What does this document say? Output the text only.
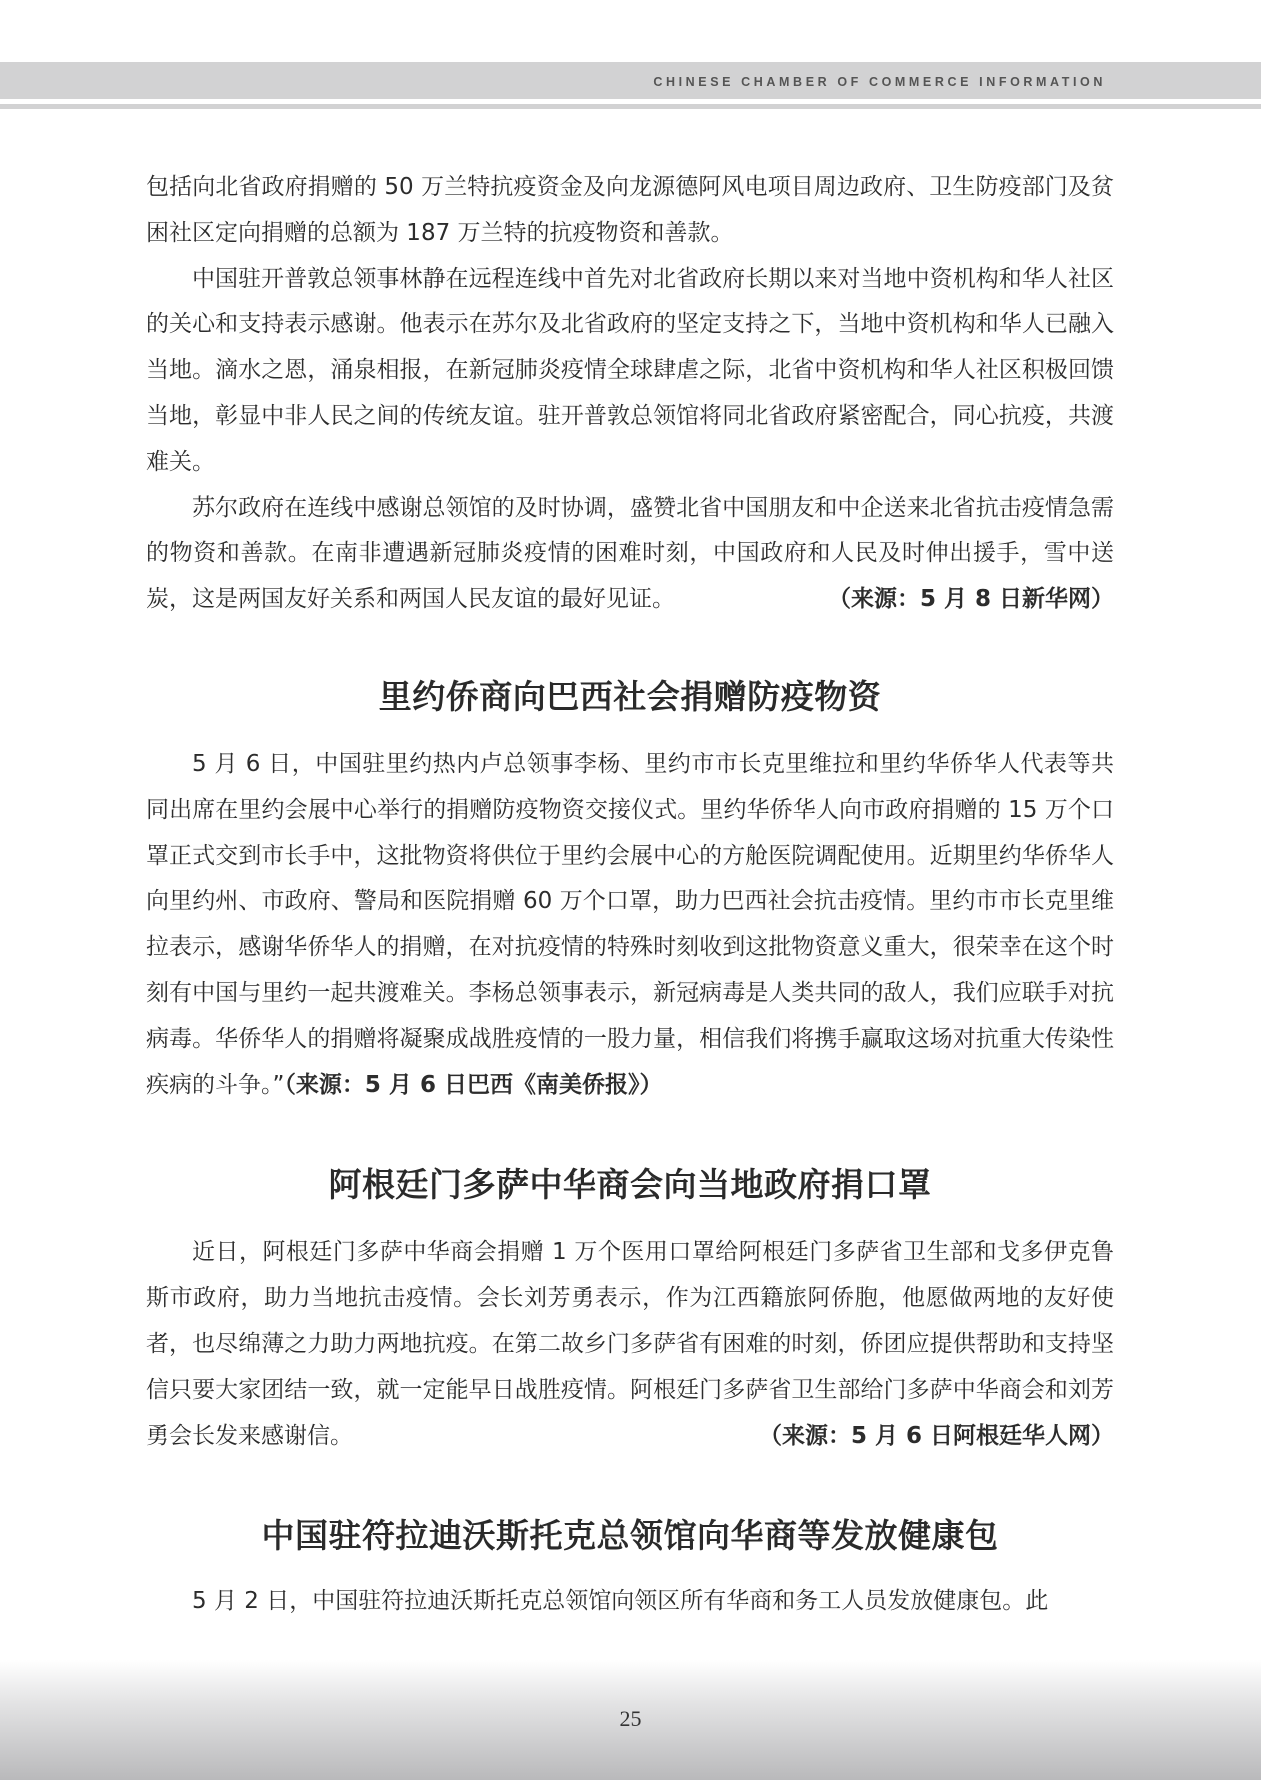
CHINESE CHAMBER OF COMMERCE INFORMATION

包括向北省政府捐赠的 50 万兰特抗疫资金及向龙源德阿风电项目周边政府、卫生防疫部门及贫困社区定向捐赠的总额为 187 万兰特的抗疫物资和善款。

中国驻开普敦总领事林静在远程连线中首先对北省政府长期以来对当地中资机构和华人社区的关心和支持表示感谢。他表示在苏尔及北省政府的坚定支持之下，当地中资机构和华人已融入当地。滴水之恩，涌泉相报，在新冠肺炎疫情全球肆虐之际，北省中资机构和华人社区积极回馈当地，彰显中非人民之间的传统友谊。驻开普敦总领馆将同北省政府紧密配合，同心抗疫，共渡难关。

苏尔政府在连线中感谢总领馆的及时协调，盛赞北省中国朋友和中企送来北省抗击疫情急需的物资和善款。在南非遭遇新冠肺炎疫情的困难时刻，中国政府和人民及时伸出援手，雪中送炭，这是两国友好关系和两国人民友谊的最好见证。	（来源：5 月 8 日新华网）

里约侨商向巴西社会捐赠防疫物资

5 月 6 日，中国驻里约热内卢总领事李杨、里约市市长克里维拉和里约华侨华人代表等共同出席在里约会展中心举行的捐赠防疫物资交接仪式。里约华侨华人向市政府捐赠的 15 万个口罩正式交到市长手中，这批物资将供位于里约会展中心的方舱医院调配使用。近期里约华侨华人向里约州、市政府、警局和医院捐赠 60 万个口罩，助力巴西社会抗击疫情。里约市市长克里维拉表示，感谢华侨华人的捐赠，在对抗疫情的特殊时刻收到这批物资意义重大，很荣幸在这个时刻有中国与里约一起共渡难关。李杨总领事表示，新冠病毒是人类共同的敌人，我们应联手对抗病毒。华侨华人的捐赠将凝聚成战胜疫情的一股力量，相信我们将携手赢取这场对抗重大传染性疾病的斗争。”（来源：5 月 6 日巴西《南美侨报》）

阿根廷门多萨中华商会向当地政府捐口罩

近日，阿根廷门多萨中华商会捐赠 1 万个医用口罩给阿根廷门多萨省卫生部和戈多伊克鲁斯市政府，助力当地抗击疫情。会长刘芳勇表示，作为江西籍旅阿侨胞，他愿做两地的友好使者，也尽绵薄之力助力两地抗疫。在第二故乡门多萨省有困难的时刻，侨团应提供帮助和支持坚信只要大家团结一致，就一定能早日战胜疫情。阿根廷门多萨省卫生部给门多萨中华商会和刘芳勇会长发来感谢信。	（来源：5 月 6 日阿根廷华人网）

中国驻符拉迪沃斯托克总领馆向华商等发放健康包

5 月 2 日，中国驻符拉迪沃斯托克总领馆向领区所有华商和务工人员发放健康包。此

25
